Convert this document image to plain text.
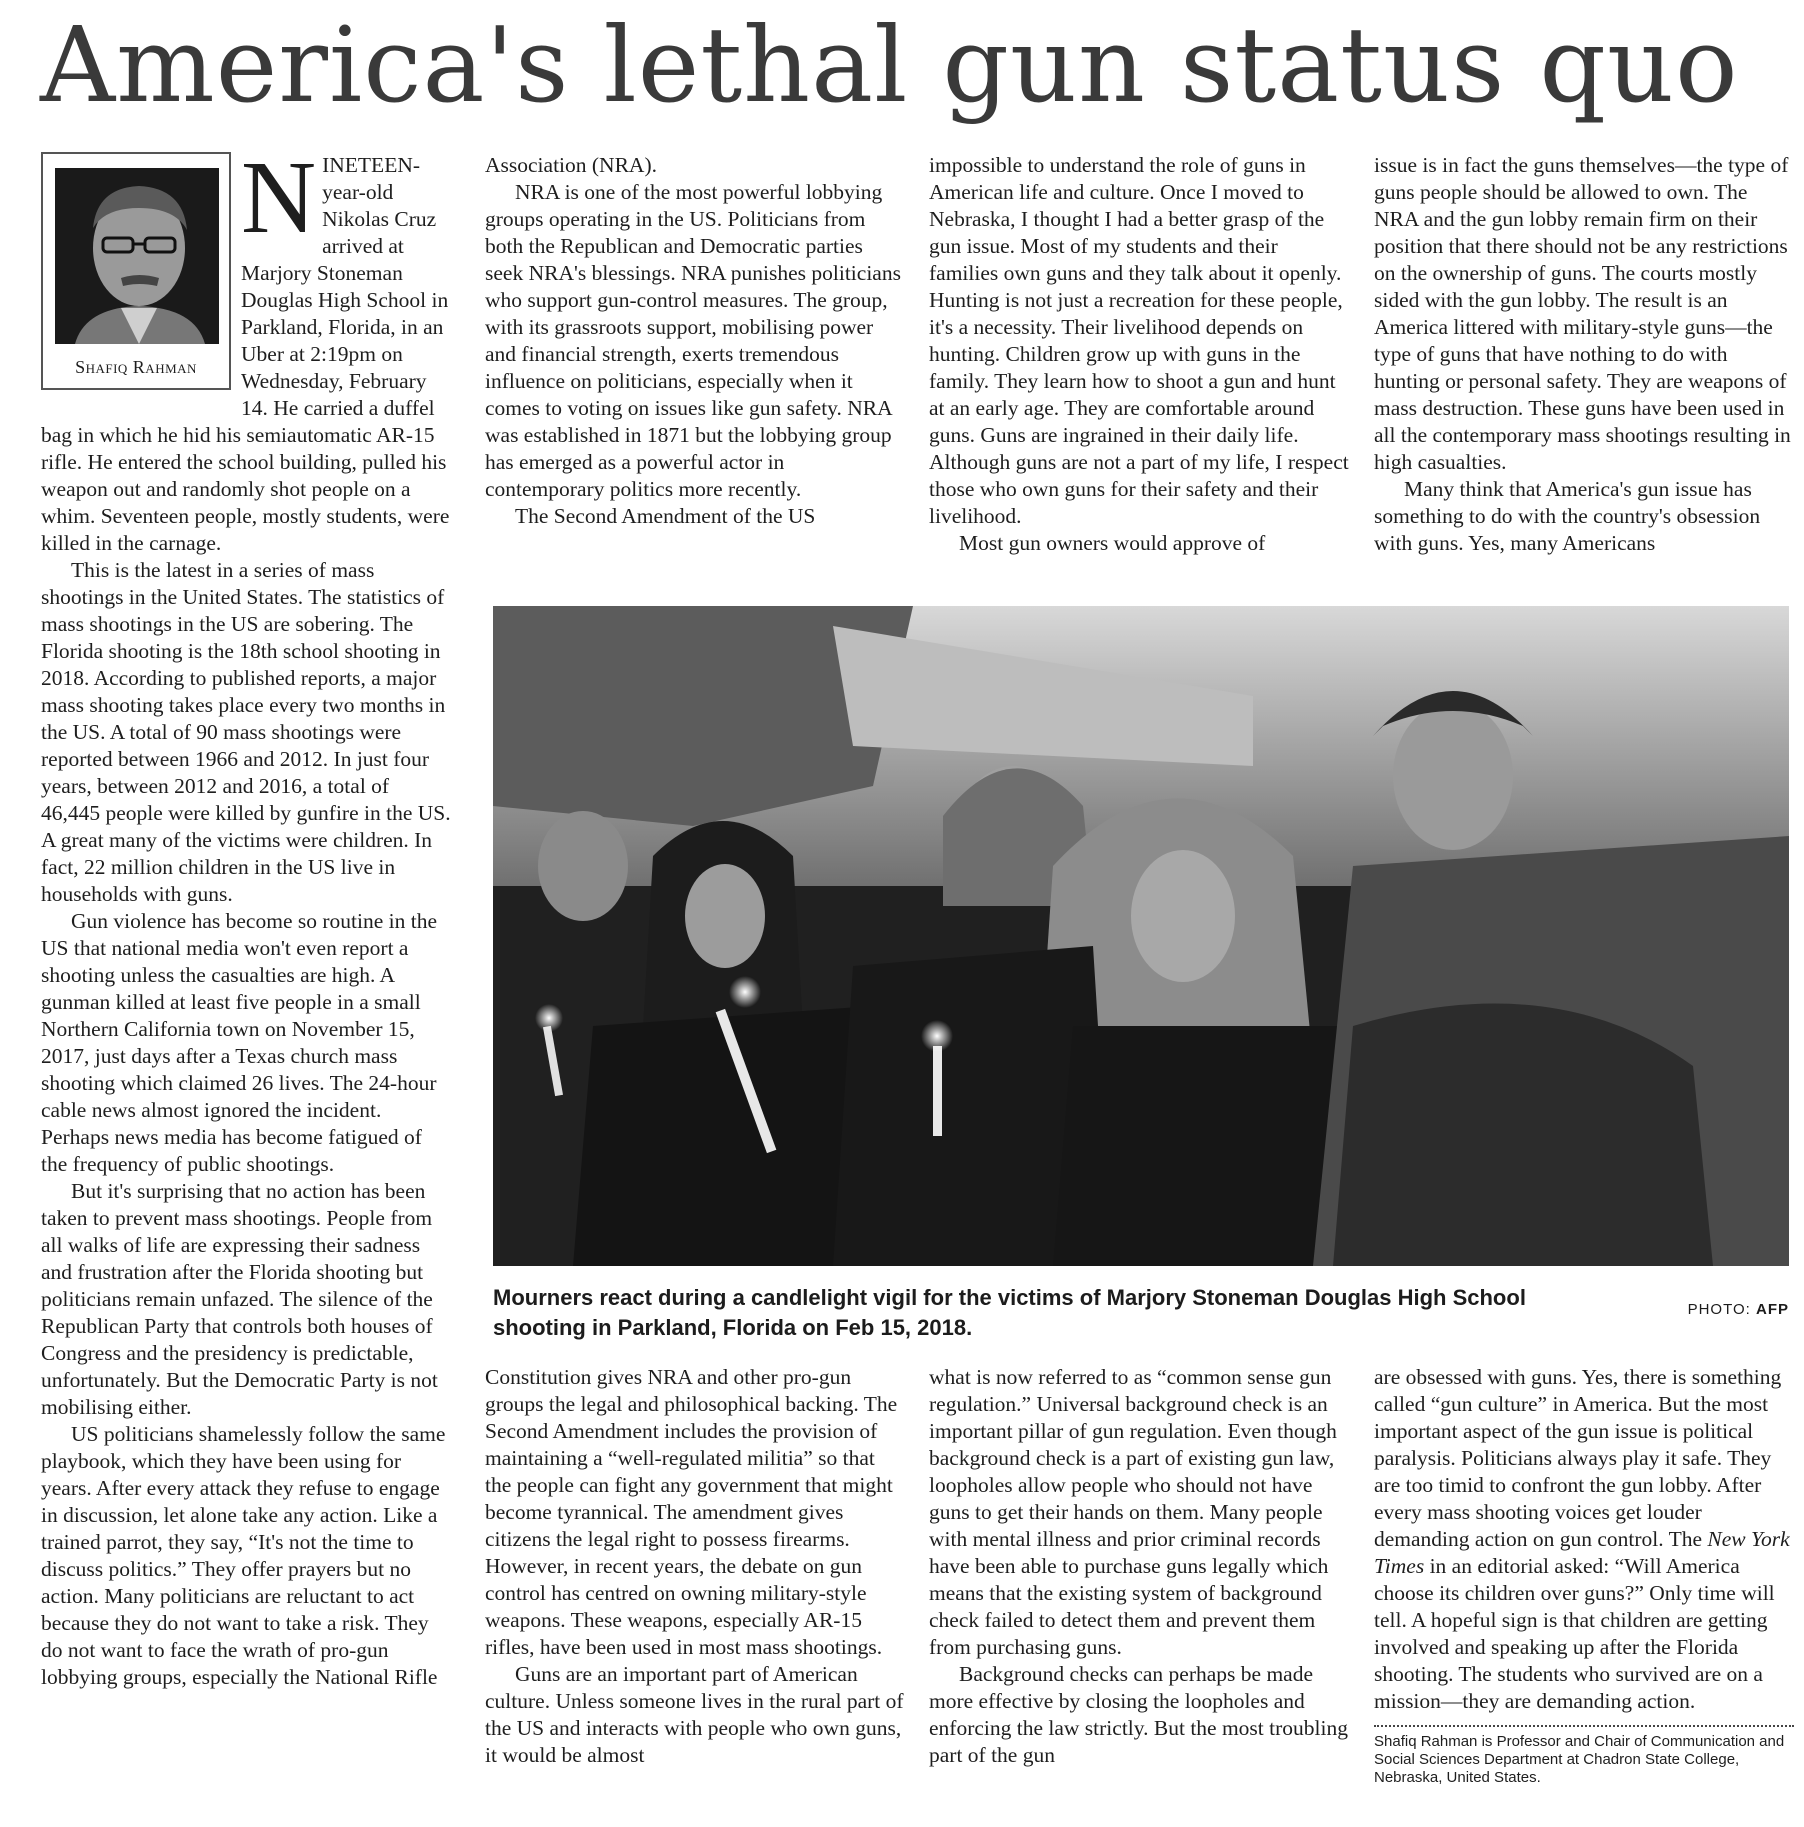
America's lethal gun status quo
Shafiq Rahman

NINETEEN-year-old Nikolas Cruz arrived at Marjory Stoneman Douglas High School in Parkland, Florida, in an Uber at 2:19pm on Wednesday, February 14. He carried a duffel bag in which he hid his semiautomatic AR-15 rifle. He entered the school building, pulled his weapon out and randomly shot people on a whim. Seventeen people, mostly students, were killed in the carnage.

This is the latest in a series of mass shootings in the United States. The statistics of mass shootings in the US are sobering. The Florida shooting is the 18th school shooting in 2018. According to published reports, a major mass shooting takes place every two months in the US. A total of 90 mass shootings were reported between 1966 and 2012. In just four years, between 2012 and 2016, a total of 46,445 people were killed by gunfire in the US. A great many of the victims were children. In fact, 22 million children in the US live in households with guns.

Gun violence has become so routine in the US that national media won't even report a shooting unless the casualties are high. A gunman killed at least five people in a small Northern California town on November 15, 2017, just days after a Texas church mass shooting which claimed 26 lives. The 24-hour cable news almost ignored the incident. Perhaps news media has become fatigued of the frequency of public shootings.

But it's surprising that no action has been taken to prevent mass shootings. People from all walks of life are expressing their sadness and frustration after the Florida shooting but politicians remain unfazed. The silence of the Republican Party that controls both houses of Congress and the presidency is predictable, unfortunately. But the Democratic Party is not mobilising either.

US politicians shamelessly follow the same playbook, which they have been using for years. After every attack they refuse to engage in discussion, let alone take any action. Like a trained parrot, they say, “It's not the time to discuss politics.” They offer prayers but no action. Many politicians are reluctant to act because they do not want to take a risk. They do not want to face the wrath of pro-gun lobbying groups, especially the National Rifle

Association (NRA).

NRA is one of the most powerful lobbying groups operating in the US. Politicians from both the Republican and Democratic parties seek NRA's blessings. NRA punishes politicians who support gun-control measures. The group, with its grassroots support, mobilising power and financial strength, exerts tremendous influence on politicians, especially when it comes to voting on issues like gun safety. NRA was established in 1871 but the lobbying group has emerged as a powerful actor in contemporary politics more recently.

The Second Amendment of the US

impossible to understand the role of guns in American life and culture. Once I moved to Nebraska, I thought I had a better grasp of the gun issue. Most of my students and their families own guns and they talk about it openly. Hunting is not just a recreation for these people, it's a necessity. Their livelihood depends on hunting. Children grow up with guns in the family. They learn how to shoot a gun and hunt at an early age. They are comfortable around guns. Guns are ingrained in their daily life. Although guns are not a part of my life, I respect those who own guns for their safety and their livelihood.

Most gun owners would approve of

issue is in fact the guns themselves—the type of guns people should be allowed to own. The NRA and the gun lobby remain firm on their position that there should not be any restrictions on the ownership of guns. The courts mostly sided with the gun lobby. The result is an America littered with military-style guns—the type of guns that have nothing to do with hunting or personal safety. They are weapons of mass destruction. These guns have been used in all the contemporary mass shootings resulting in high casualties.

Many think that America's gun issue has something to do with the country's obsession with guns. Yes, many Americans

Mourners react during a candlelight vigil for the victims of Marjory Stoneman Douglas High School shooting in Parkland, Florida on Feb 15, 2018.
PHOTO: AFP

Constitution gives NRA and other pro-gun groups the legal and philosophical backing. The Second Amendment includes the provision of maintaining a “well-regulated militia” so that the people can fight any government that might become tyrannical. The amendment gives citizens the legal right to possess firearms. However, in recent years, the debate on gun control has centred on owning military-style weapons. These weapons, especially AR-15 rifles, have been used in most mass shootings.

Guns are an important part of American culture. Unless someone lives in the rural part of the US and interacts with people who own guns, it would be almost

what is now referred to as “common sense gun regulation.” Universal background check is an important pillar of gun regulation. Even though background check is a part of existing gun law, loopholes allow people who should not have guns to get their hands on them. Many people with mental illness and prior criminal records have been able to purchase guns legally which means that the existing system of background check failed to detect them and prevent them from purchasing guns.

Background checks can perhaps be made more effective by closing the loopholes and enforcing the law strictly. But the most troubling part of the gun

are obsessed with guns. Yes, there is something called “gun culture” in America. But the most important aspect of the gun issue is political paralysis. Politicians always play it safe. They are too timid to confront the gun lobby. After every mass shooting voices get louder demanding action on gun control. The New York Times in an editorial asked: “Will America choose its children over guns?” Only time will tell. A hopeful sign is that children are getting involved and speaking up after the Florida shooting. The students who survived are on a mission—they are demanding action.

Shafiq Rahman is Professor and Chair of Communication and Social Sciences Department at Chadron State College, Nebraska, United States.
